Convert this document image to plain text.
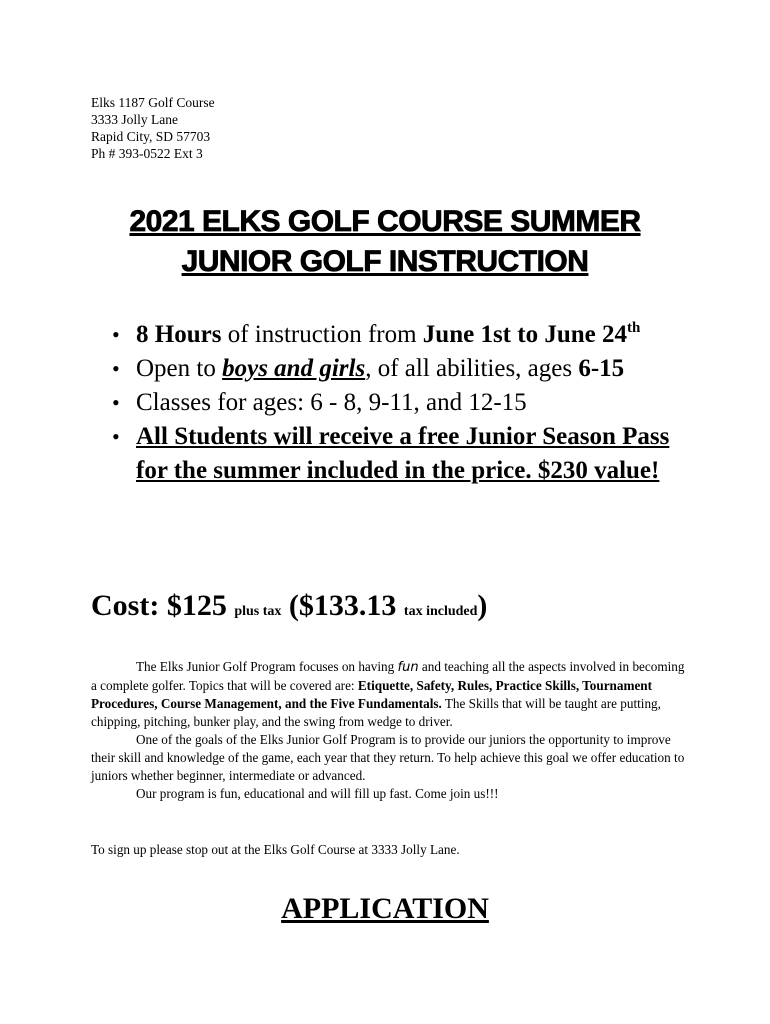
Elks 1187 Golf Course
3333 Jolly Lane
Rapid City, SD 57703
Ph # 393-0522 Ext 3
2021 ELKS GOLF COURSE SUMMER
JUNIOR GOLF INSTRUCTION
• 8 Hours of instruction from June 1st to June 24th
• Open to boys and girls, of all abilities, ages 6-15
• Classes for ages: 6 - 8, 9-11, and 12-15
• All Students will receive a free Junior Season Pass for the summer included in the price. $230 value!
Cost: $125 plus tax ($133.13 tax included)
The Elks Junior Golf Program focuses on having fun and teaching all the aspects involved in becoming a complete golfer. Topics that will be covered are: Etiquette, Safety, Rules, Practice Skills, Tournament Procedures, Course Management, and the Five Fundamentals. The Skills that will be taught are putting, chipping, pitching, bunker play, and the swing from wedge to driver.
One of the goals of the Elks Junior Golf Program is to provide our juniors the opportunity to improve their skill and knowledge of the game, each year that they return. To help achieve this goal we offer education to juniors whether beginner, intermediate or advanced.
Our program is fun, educational and will fill up fast. Come join us!!!
To sign up please stop out at the Elks Golf Course at 3333 Jolly Lane.
APPLICATION
